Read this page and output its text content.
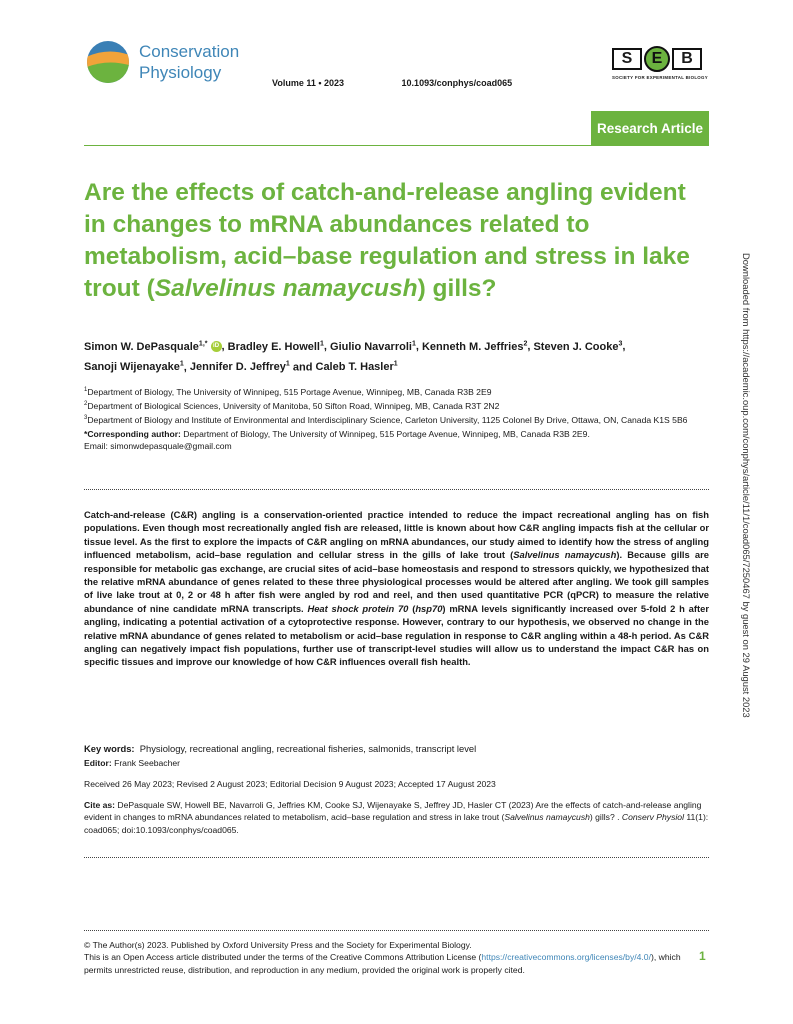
Conservation
Physiology
Volume 11 • 2023	10.1093/conphys/coad065
S	E	B
SOCIETY FOR EXPERIMENTAL BIOLOGY
Research Article
Are the effects of catch-and-release angling evident in changes to mRNA abundances related to metabolism, acid–base regulation and stress in lake trout (Salvelinus namaycush) gills?
Simon W. DePasquale$^{1,*}$ iD , Bradley E. Howell$^1$, Giulio Navarroli$^1$, Kenneth M. Jeffries$^2$, Steven J. Cooke$^3$,
Sanoji Wijenayake$^1$, Jennifer D. Jeffrey$^1$ and Caleb T. Hasler$^1$
$^1$Department of Biology, The University of Winnipeg, 515 Portage Avenue, Winnipeg, MB, Canada R3B 2E9
$^2$Department of Biological Sciences, University of Manitoba, 50 Sifton Road, Winnipeg, MB, Canada R3T 2N2
$^3$Department of Biology and Institute of Environmental and Interdisciplinary Science, Carleton University, 1125 Colonel By Drive, Ottawa, ON, Canada K1S 5B6
*Corresponding author: Department of Biology, The University of Winnipeg, 515 Portage Avenue, Winnipeg, MB, Canada R3B 2E9.
Email: simonwdepasquale@gmail.com

Catch-and-release (C&R) angling is a conservation-oriented practice intended to reduce the impact recreational angling has on fish populations. Even though most recreationally angled fish are released, little is known about how C&R angling impacts fish at the cellular or tissue level. As the first to explore the impacts of C&R angling on mRNA abundances, our study aimed to identify how the stress of angling influenced metabolism, acid–base regulation and cellular stress in the gills of lake trout (Salvelinus namaycush). Because gills are responsible for metabolic gas exchange, are crucial sites of acid–base homeostasis and respond to stressors quickly, we hypothesized that the relative mRNA abundance of genes related to these three physiological processes would be altered after angling. We took gill samples of live lake trout at 0, 2 or 48 h after fish were angled by rod and reel, and then used quantitative PCR (qPCR) to measure the relative abundance of nine candidate mRNA transcripts. Heat shock protein 70 (hsp70) mRNA levels significantly increased over 5-fold 2 h after angling, indicating a potential activation of a cytoprotective response. However, contrary to our hypothesis, we observed no change in the relative mRNA abundance of genes related to metabolism or acid–base regulation in response to C&R angling within a 48-h period. As C&R angling can negatively impact fish populations, further use of transcript-level studies will allow us to understand the impact C&R has on specific tissues and improve our knowledge of how C&R influences overall fish health.

Key words: Physiology, recreational angling, recreational fisheries, salmonids, transcript level
Editor: Frank Seebacher
Received 26 May 2023; Revised 2 August 2023; Editorial Decision 9 August 2023; Accepted 17 August 2023
Cite as: DePasquale SW, Howell BE, Navarroli G, Jeffries KM, Cooke SJ, Wijenayake S, Jeffrey JD, Hasler CT (2023) Are the effects of catch-and-release angling evident in changes to mRNA abundances related to metabolism, acid–base regulation and stress in lake trout (Salvelinus namaycush) gills? . Conserv Physiol 11(1): coad065; doi:10.1093/conphys/coad065.
© The Author(s) 2023. Published by Oxford University Press and the Society for Experimental Biology.
This is an Open Access article distributed under the terms of the Creative Commons Attribution License (https://creativecommons.org/licenses/by/4.0/), which permits unrestricted reuse, distribution, and reproduction in any medium, provided the original work is properly cited.
1
Downloaded from https://academic.oup.com/conphys/article/11/1/coad065/7250467 by guest on 29 August 2023
